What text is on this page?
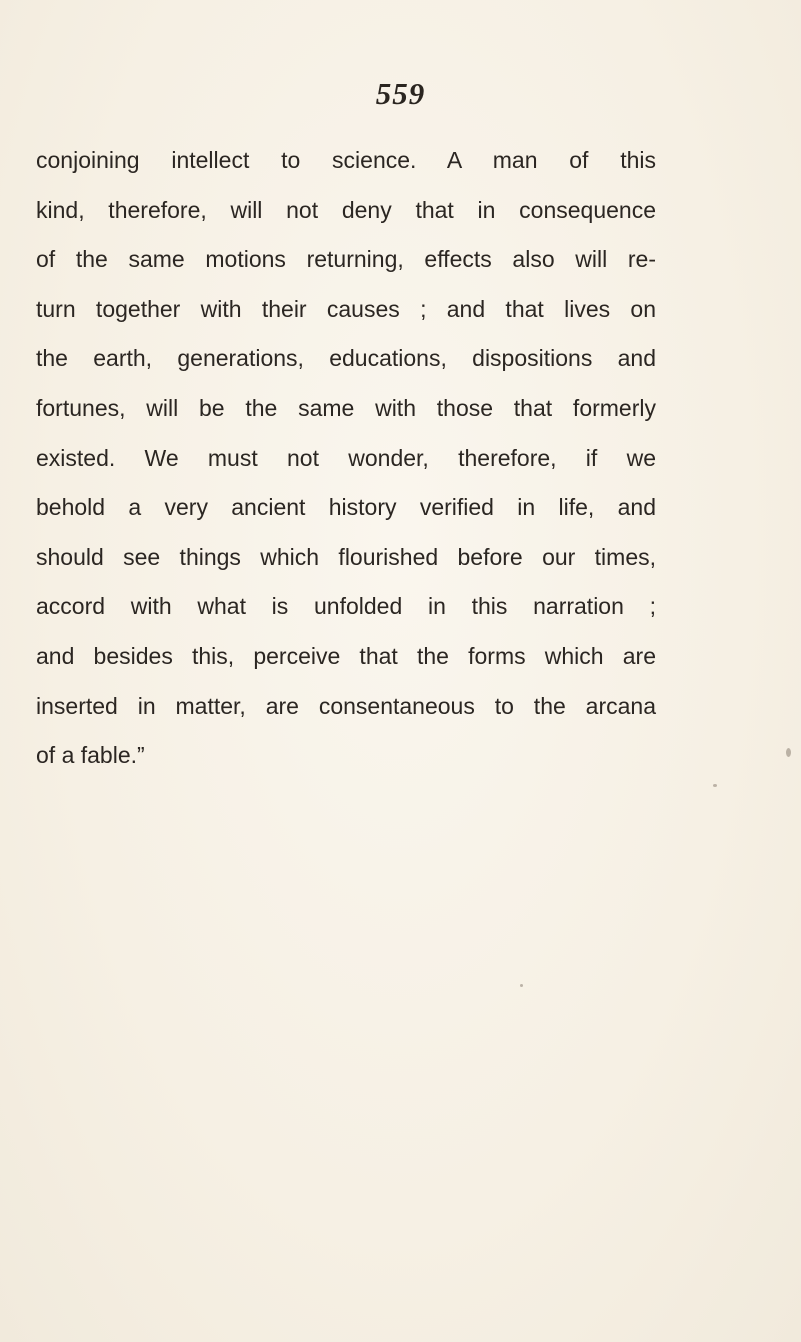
559
conjoining intellect to science. A man of this
kind, therefore, will not deny that in consequence
of the same motions returning, effects also will re-
turn together with their causes ; and that lives on
the earth, generations, educations, dispositions and
fortunes, will be the same with those that formerly
existed. We must not wonder, therefore, if we
behold a very ancient history verified in life, and
should see things which flourished before our times,
accord with what is unfolded in this narration ;
and besides this, perceive that the forms which are
inserted in matter, are consentaneous to the arcana
of a fable.”
